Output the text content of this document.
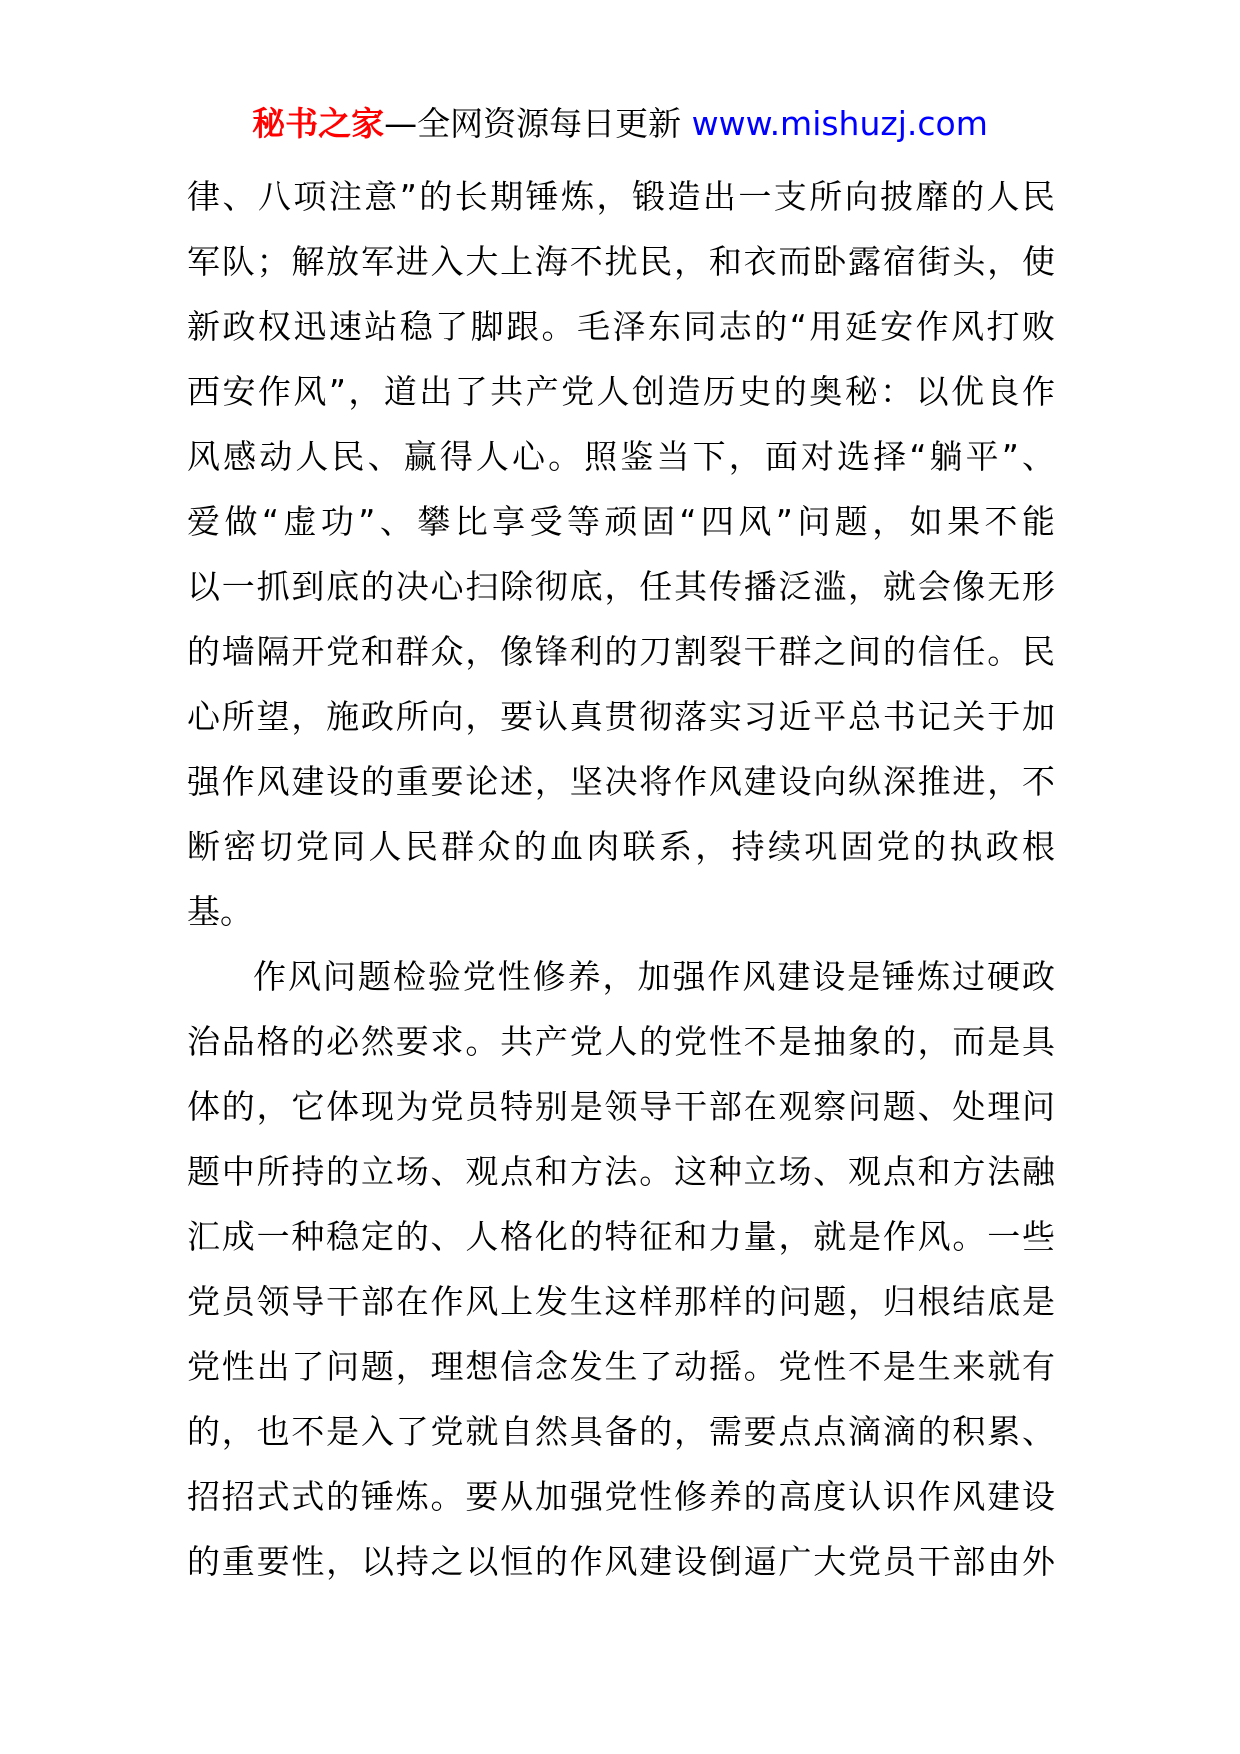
秘书之家—全网资源每日更新 www.mishuzj.com
律、八项注意”的长期锤炼，锻造出一支所向披靡的人民
军队；解放军进入大上海不扰民，和衣而卧露宿街头，使
新政权迅速站稳了脚跟。毛泽东同志的“用延安作风打败
西安作风”，道出了共产党人创造历史的奥秘：以优良作
风感动人民、赢得人心。照鉴当下，面对选择“躺平”、
爱做“虚功”、攀比享受等顽固“四风”问题，如果不能
以一抓到底的决心扫除彻底，任其传播泛滥，就会像无形
的墙隔开党和群众，像锋利的刀割裂干群之间的信任。民
心所望，施政所向，要认真贯彻落实习近平总书记关于加
强作风建设的重要论述，坚决将作风建设向纵深推进，不
断密切党同人民群众的血肉联系，持续巩固党的执政根
基。
作风问题检验党性修养，加强作风建设是锤炼过硬政
治品格的必然要求。共产党人的党性不是抽象的，而是具
体的，它体现为党员特别是领导干部在观察问题、处理问
题中所持的立场、观点和方法。这种立场、观点和方法融
汇成一种稳定的、人格化的特征和力量，就是作风。一些
党员领导干部在作风上发生这样那样的问题，归根结底是
党性出了问题，理想信念发生了动摇。党性不是生来就有
的，也不是入了党就自然具备的，需要点点滴滴的积累、
招招式式的锤炼。要从加强党性修养的高度认识作风建设
的重要性，以持之以恒的作风建设倒逼广大党员干部由外
